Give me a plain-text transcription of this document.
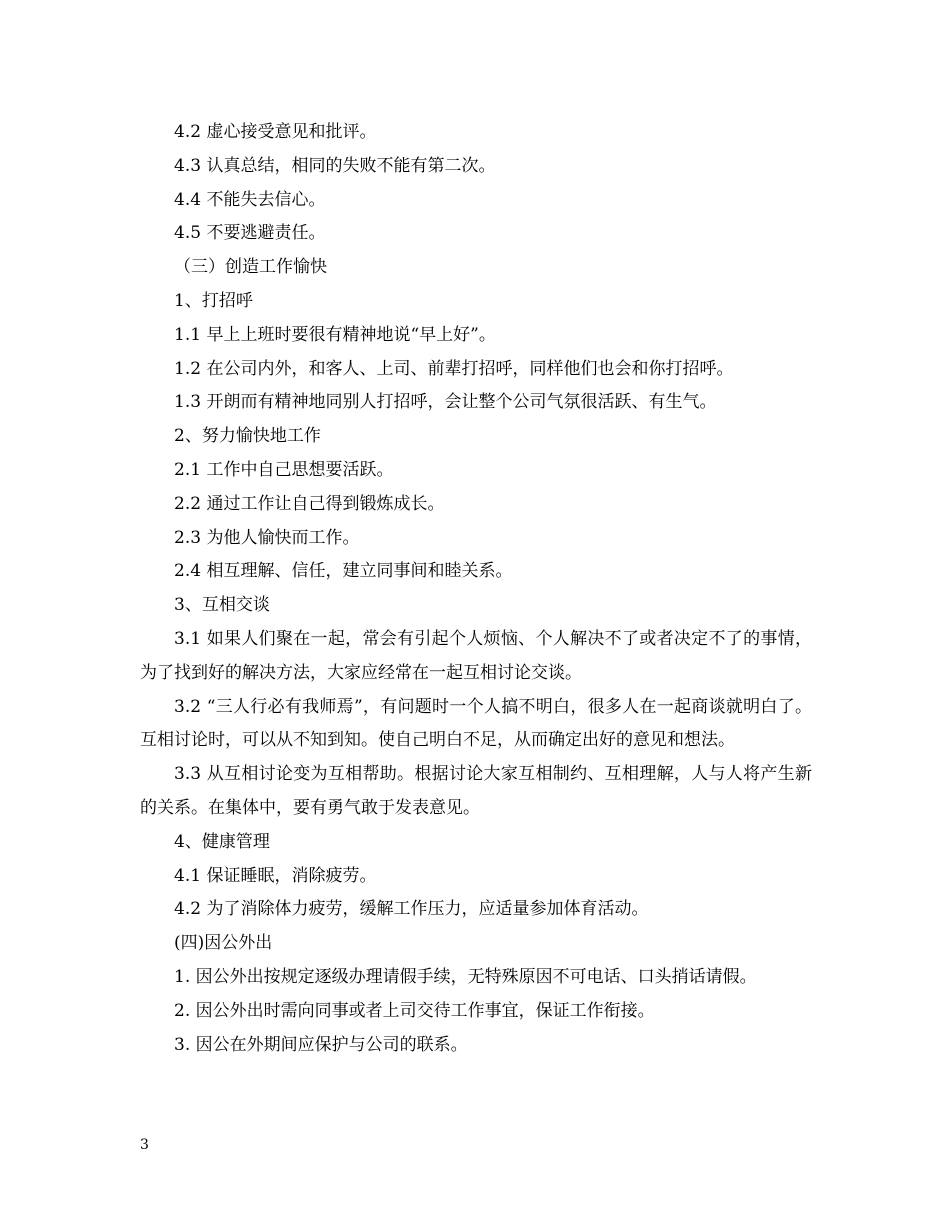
4.2 虚心接受意见和批评。

4.3 认真总结，相同的失败不能有第二次。

4.4 不能失去信心。

4.5 不要逃避责任。

（三）创造工作愉快

1、打招呼

1.1 早上上班时要很有精神地说“早上好”。

1.2 在公司内外，和客人、上司、前辈打招呼，同样他们也会和你打招呼。

1.3 开朗而有精神地同别人打招呼，会让整个公司气氛很活跃、有生气。

2、努力愉快地工作

2.1 工作中自己思想要活跃。

2.2 通过工作让自己得到锻炼成长。

2.3 为他人愉快而工作。

2.4 相互理解、信任，建立同事间和睦关系。

3、互相交谈

3.1 如果人们聚在一起，常会有引起个人烦恼、个人解决不了或者决定不了的事情，为了找到好的解决方法，大家应经常在一起互相讨论交谈。

3.2 “三人行必有我师焉”，有问题时一个人搞不明白，很多人在一起商谈就明白了。互相讨论时，可以从不知到知。使自己明白不足，从而确定出好的意见和想法。

3.3 从互相讨论变为互相帮助。根据讨论大家互相制约、互相理解，人与人将产生新的关系。在集体中，要有勇气敢于发表意见。

4、健康管理

4.1 保证睡眠，消除疲劳。

4.2 为了消除体力疲劳，缓解工作压力，应适量参加体育活动。

(四)因公外出

1. 因公外出按规定逐级办理请假手续，无特殊原因不可电话、口头捎话请假。

2. 因公外出时需向同事或者上司交待工作事宜，保证工作衔接。

3. 因公在外期间应保护与公司的联系。

3
